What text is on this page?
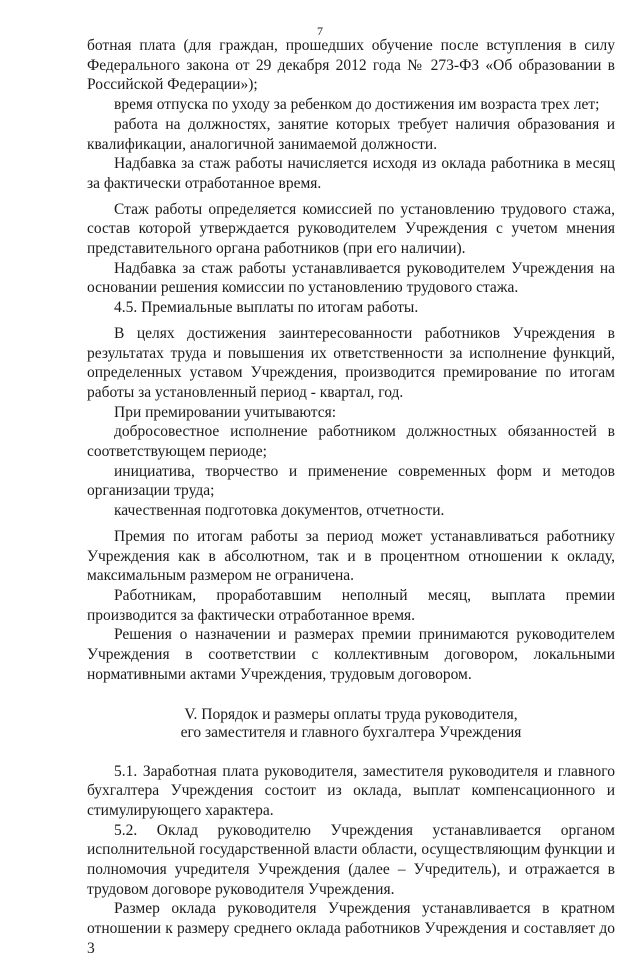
7

ботная плата (для граждан, прошедших обучение после вступления в силу Федерального закона от 29 декабря 2012 года № 273-ФЗ «Об образовании в Российской Федерации»);

время отпуска по уходу за ребенком до достижения им возраста трех лет;

работа на должностях, занятие которых требует наличия образования и квалификации, аналогичной занимаемой должности.

Надбавка за стаж работы начисляется исходя из оклада работника в месяц за фактически отработанное время.

Стаж работы определяется комиссией по установлению трудового стажа, состав которой утверждается руководителем Учреждения с учетом мнения представительного органа работников (при его наличии).

Надбавка за стаж работы устанавливается руководителем Учреждения на основании решения комиссии по установлению трудового стажа.

4.5. Премиальные выплаты по итогам работы.

В целях достижения заинтересованности работников Учреждения в результатах труда и повышения их ответственности за исполнение функций, определенных уставом Учреждения, производится премирование по итогам работы за установленный период - квартал, год.

При премировании учитываются:

добросовестное исполнение работником должностных обязанностей в соответствующем периоде;

инициатива, творчество и применение современных форм и методов организации труда;

качественная подготовка документов, отчетности.

Премия по итогам работы за период может устанавливаться работнику Учреждения как в абсолютном, так и в процентном отношении к окладу, максимальным размером не ограничена.

Работникам, проработавшим неполный месяц, выплата премии производится за фактически отработанное время.

Решения о назначении и размерах премии принимаются руководителем Учреждения в соответствии с коллективным договором, локальными нормативными актами Учреждения, трудовым договором.

V. Порядок и размеры оплаты труда руководителя,
его заместителя и главного бухгалтера Учреждения

5.1. Заработная плата руководителя, заместителя руководителя и главного бухгалтера Учреждения состоит из оклада, выплат компенсационного и стимулирующего характера.

5.2. Оклад руководителю Учреждения устанавливается органом исполнительной государственной власти области, осуществляющим функции и полномочия учредителя Учреждения (далее – Учредитель), и отражается в трудовом договоре руководителя Учреждения.

Размер оклада руководителя Учреждения устанавливается в кратном отношении к размеру среднего оклада работников Учреждения и составляет до 3
